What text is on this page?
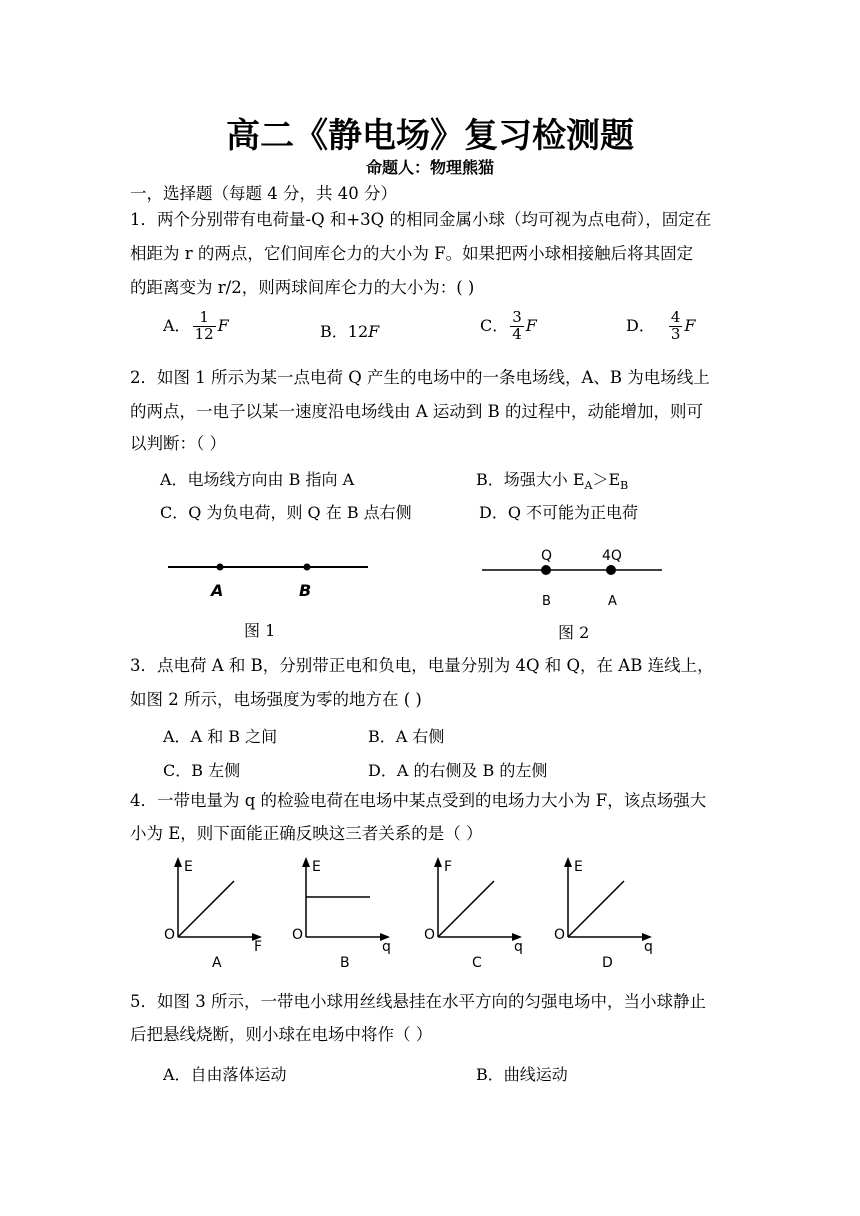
高二《静电场》复习检测题
命题人：物理熊猫
一，选择题（每题 4 分，共 40 分）
1．两个分别带有电荷量-Q 和+3Q 的相同金属小球（均可视为点电荷），固定在
相距为 r 的两点，它们间库仑力的大小为 F。如果把两小球相接触后将其固定
的距离变为 r/2，则两球间库仑力的大小为：( )
A． $\frac{1}{12}$ F	B．12F	C． $\frac{3}{4}$ F	D． $\frac{4}{3}$ F
2．如图 1 所示为某一点电荷 Q 产生的电场中的一条电场线，A、B 为电场线上
的两点，一电子以某一速度沿电场线由 A 运动到 B 的过程中，动能增加，则可
以判断：（ ）
A．电场线方向由 B 指向 A	B．场强大小 $E_A>E_B$
C．Q 为负电荷，则 Q 在 B 点右侧	D．Q 不可能为正电荷
A	B
图 1
Q	4Q
B	A
图 2
3．点电荷 A 和 B，分别带正电和负电，电量分别为 4Q 和 Q，在 AB 连线上，
如图 2 所示，电场强度为零的地方在 ( )
A．A 和 B 之间	B．A 右侧
C．B 左侧	D．A 的右侧及 B 的左侧
4．一带电量为 q 的检验电荷在电场中某点受到的电场力大小为 F，该点场强大
小为 E，则下面能正确反映这三者关系的是（ ）
E
O
F
A
E
O
q
B
F
O
q
C
E
O
q
D
5．如图 3 所示，一带电小球用丝线悬挂在水平方向的匀强电场中，当小球静止
后把悬线烧断，则小球在电场中将作（ ）
A．自由落体运动	B．曲线运动
